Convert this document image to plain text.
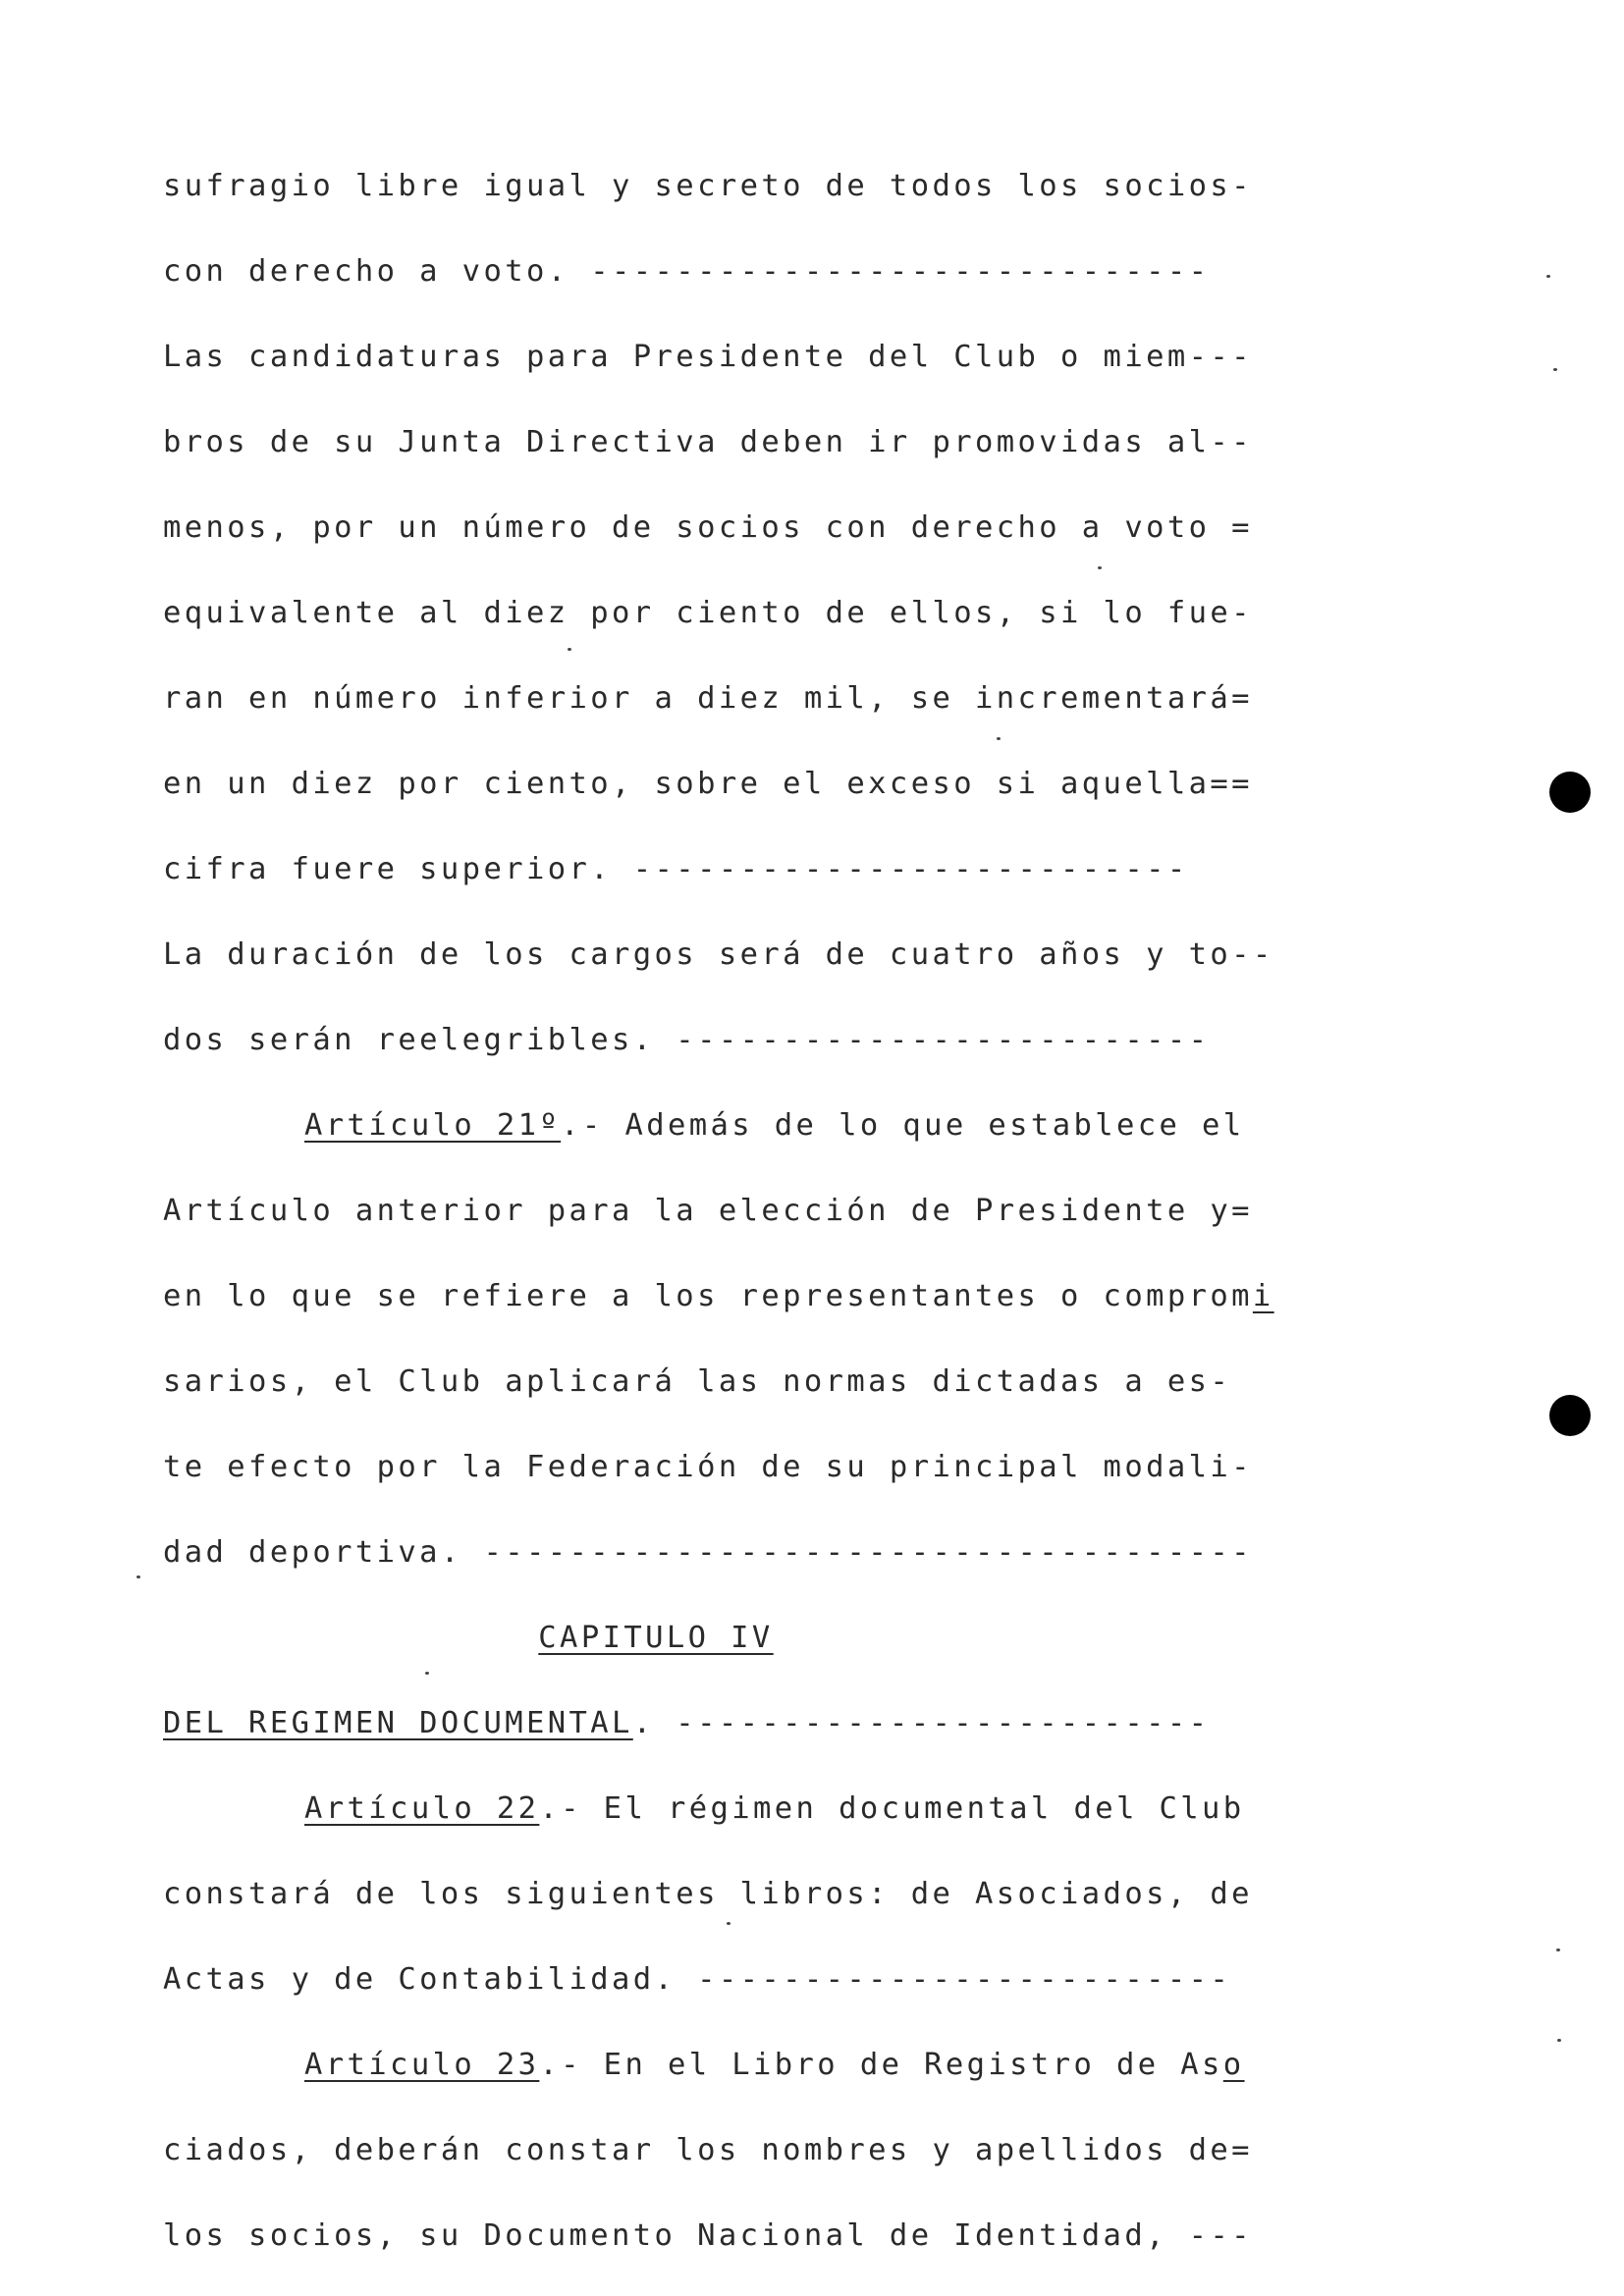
sufragio libre igual y secreto de todos los socios-
con derecho a voto. -----------------------------
Las candidaturas para Presidente del Club o miem---
bros de su Junta Directiva deben ir promovidas al--
menos, por un número de socios con derecho a voto =
equivalente al diez por ciento de ellos, si lo fue-
ran en número inferior a diez mil, se incrementará=
en un diez por ciento, sobre el exceso si aquella==
cifra fuere superior. --------------------------
La duración de los cargos será de cuatro años y to--
dos serán reelegribles. -------------------------
Artículo 21º.- Además de lo que establece el
Artículo anterior para la elección de Presidente y=
en lo que se refiere a los representantes o compromi
sarios, el Club aplicará las normas dictadas a es-
te efecto por la Federación de su principal modali-
dad deportiva. ------------------------------------
CAPITULO IV
DEL REGIMEN DOCUMENTAL. -------------------------
Artículo 22.- El régimen documental del Club
constará de los siguientes libros: de Asociados, de
Actas y de Contabilidad. -------------------------
Artículo 23.- En el Libro de Registro de Aso
ciados, deberán constar los nombres y apellidos de=
los socios, su Documento Nacional de Identidad, ---
